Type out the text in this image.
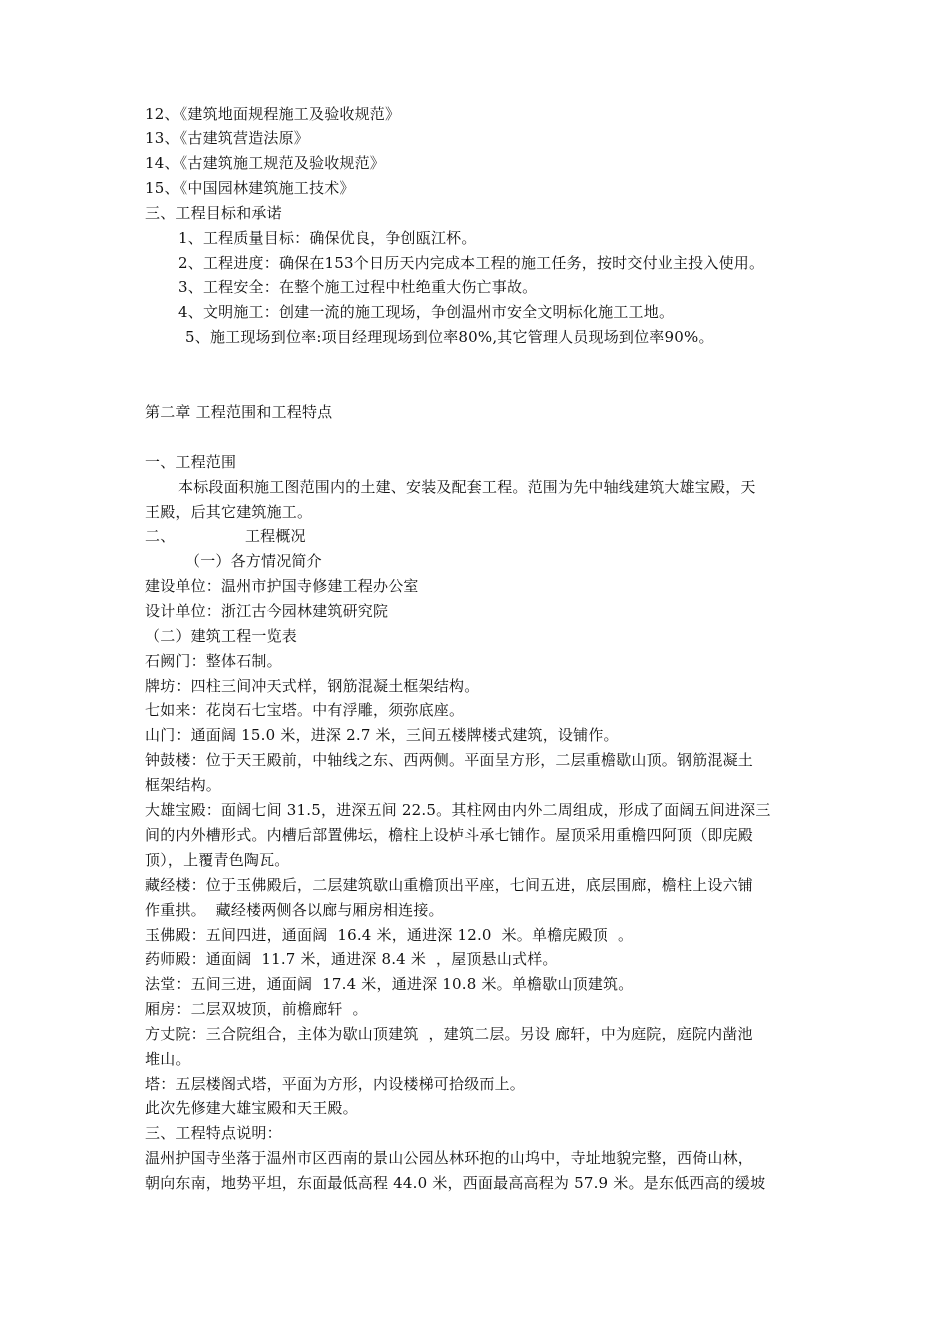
12、《建筑地面规程施工及验收规范》

13、《古建筑营造法原》

14、《古建筑施工规范及验收规范》

15、《中国园林建筑施工技术》

三、工程目标和承诺

1、工程质量目标：确保优良，争创瓯江杯。

2、工程进度：确保在153个日历天内完成本工程的施工任务，按时交付业主投入使用。

3、工程安全：在整个施工过程中杜绝重大伤亡事故。

4、文明施工：创建一流的施工现场，争创温州市安全文明标化施工工地。

5、施工现场到位率:项目经理现场到位率80%,其它管理人员现场到位率90%。

第二章 工程范围和工程特点

一、工程范围

本标段面积施工图范围内的土建、安装及配套工程。范围为先中轴线建筑大雄宝殿，天

王殿，后其它建筑施工。

二、              工程概况

（一）各方情况简介

建设单位：温州市护国寺修建工程办公室

设计单位：浙江古今园林建筑研究院

（二）建筑工程一览表

石阙门：整体石制。

牌坊：四柱三间冲天式样，钢筋混凝土框架结构。

七如来：花岗石七宝塔。中有浮雕，须弥底座。

山门：通面阔 15.0 米，进深 2.7 米，三间五楼牌楼式建筑，设铺作。

钟鼓楼：位于天王殿前，中轴线之东、西两侧。平面呈方形，二层重檐歇山顶。钢筋混凝土

框架结构。

大雄宝殿：面阔七间 31.5，进深五间 22.5。其柱网由内外二周组成，形成了面阔五间进深三

间的内外槽形式。内槽后部置佛坛，檐柱上设栌斗承七铺作。屋顶采用重檐四阿顶（即庑殿

顶），上覆青色陶瓦。

藏经楼：位于玉佛殿后，二层建筑歇山重檐顶出平座，七间五进，底层围廊，檐柱上设六铺

作重拱。  藏经楼两侧各以廊与厢房相连接。

玉佛殿：五间四进，通面阔  16.4 米，通进深 12.0  米。单檐庑殿顶  。

药师殿：通面阔  11.7 米，通进深 8.4 米  ，屋顶悬山式样。

法堂：五间三进，通面阔  17.4 米，通进深 10.8 米。单檐歇山顶建筑。

厢房：二层双坡顶，前檐廊轩  。

方丈院：三合院组合，主体为歇山顶建筑  ，建筑二层。另设 廊轩，中为庭院，庭院内凿池

堆山。

塔：五层楼阁式塔，平面为方形，内设楼梯可拾级而上。

此次先修建大雄宝殿和天王殿。

三、工程特点说明：

温州护国寺坐落于温州市区西南的景山公园丛林环抱的山坞中，寺址地貌完整，西倚山林，

朝向东南，地势平坦，东面最低高程 44.0 米，西面最高高程为 57.9 米。是东低西高的缓坡
